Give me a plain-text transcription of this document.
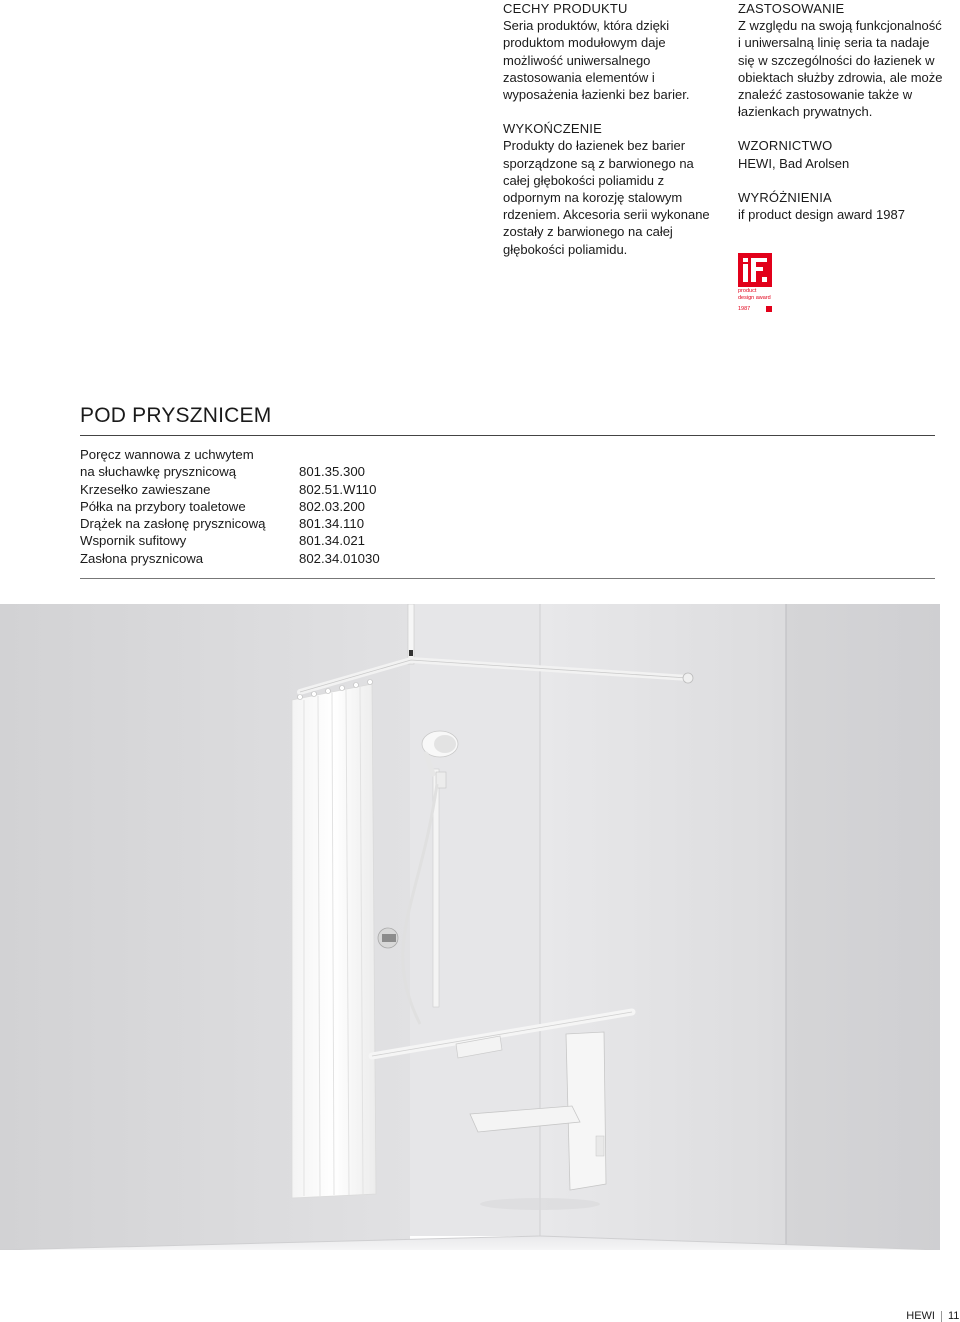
CECHY PRODUKTU
Seria produktów, która dzięki produktom modułowym daje możliwość uniwersalnego zastosowania elementów i wyposażenia łazienki bez barier.
WYKOŃCZENIE
Produkty do łazienek bez barier sporządzone są z barwionego na całej głębokości poliamidu z odpornym na korozję stalowym rdzeniem. Akcesoria serii wykonane zostały z barwionego na całej głębokości poliamidu.
ZASTOSOWANIE
Z względu na swoją funkcjonalność i uniwersalną linię seria ta nadaje się w szczególności do łazienek w obiektach służby zdrowia, ale może znaleźć zastosowanie także w łazienkach prywatnych.
WZORNICTWO
HEWI, Bad Arolsen
WYRÓŻNIENIA
if product design award 1987
product design award
1987
POD PRYSZNICEM
Poręcz wannowa z uchwytem
na słuchawkę prysznicową	801.35.300
Krzesełko zawieszane	802.51.W110
Półka na przybory toaletowe	802.03.200
Drążek na zasłonę prysznicową	801.34.110
Wspornik sufitowy	801.34.021
Zasłona prysznicowa	802.34.01030
HEWI 11
